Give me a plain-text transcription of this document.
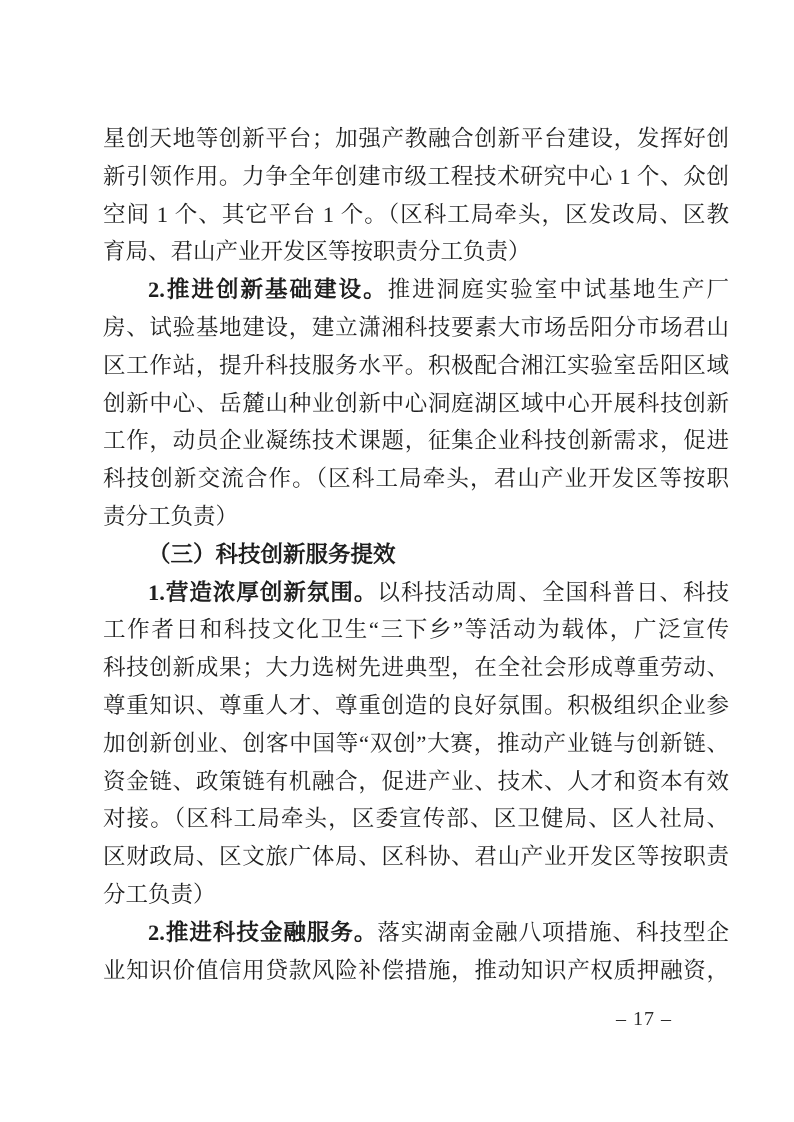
星创天地等创新平台；加强产教融合创新平台建设，发挥好创
新引领作用。力争全年创建市级工程技术研究中心 1 个、众创
空间 1 个、其它平台 1 个。（区科工局牵头，区发改局、区教
育局、君山产业开发区等按职责分工负责）
2.推进创新基础建设。推进洞庭实验室中试基地生产厂
房、试验基地建设，建立潇湘科技要素大市场岳阳分市场君山
区工作站，提升科技服务水平。积极配合湘江实验室岳阳区域
创新中心、岳麓山种业创新中心洞庭湖区域中心开展科技创新
工作，动员企业凝练技术课题，征集企业科技创新需求，促进
科技创新交流合作。（区科工局牵头，君山产业开发区等按职
责分工负责）
（三）科技创新服务提效
1.营造浓厚创新氛围。以科技活动周、全国科普日、科技
工作者日和科技文化卫生“三下乡”等活动为载体，广泛宣传
科技创新成果；大力选树先进典型，在全社会形成尊重劳动、
尊重知识、尊重人才、尊重创造的良好氛围。积极组织企业参
加创新创业、创客中国等“双创”大赛，推动产业链与创新链、
资金链、政策链有机融合，促进产业、技术、人才和资本有效
对接。（区科工局牵头，区委宣传部、区卫健局、区人社局、
区财政局、区文旅广体局、区科协、君山产业开发区等按职责
分工负责）
2.推进科技金融服务。落实湖南金融八项措施、科技型企
业知识价值信用贷款风险补偿措施，推动知识产权质押融资，
– 17 –
